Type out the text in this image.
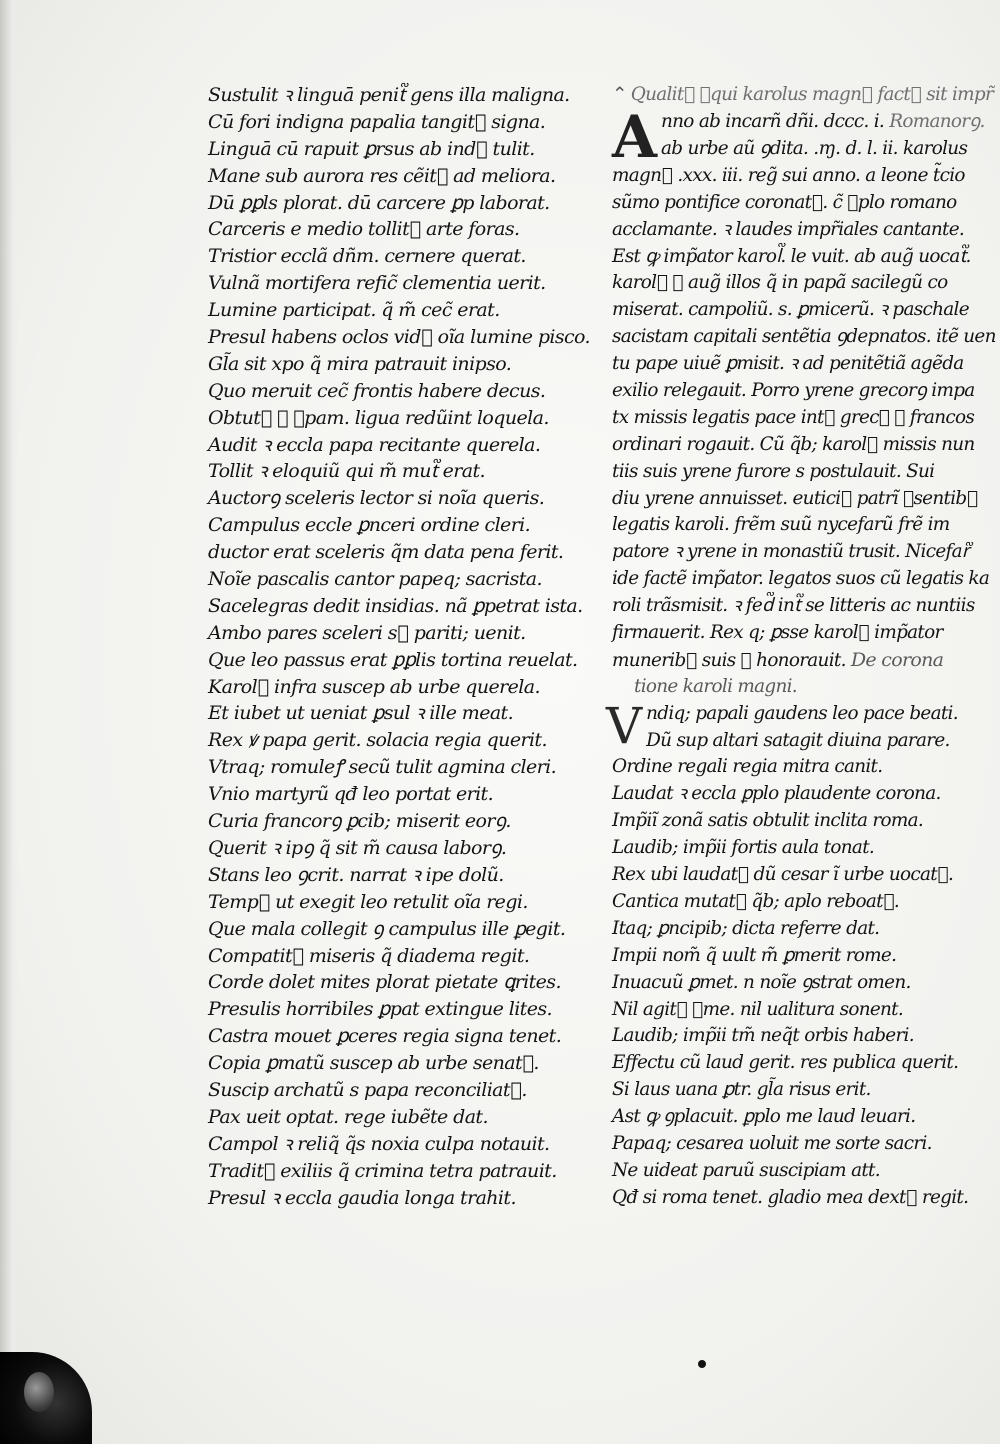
Sustulit ꝛ linguā penit᷑ gens illa maligna.
Cū fori indigna papalia tangit᷑ signa.
Linguā cū rapuit ꝑrsus ab ind᷑ tulit.
Mane sub aurora res cẽit᷑ ad meliora.
Dū ꝑꝑls plorat. dū carcere ꝑp laborat.
Carceris e medio tollit᷑ arte foras.
Tristior ecclã dñm. cernere querat.
Vulnã mortifera refic̃ clementia uerit.
Lumine participat. q̃ m̃ cec̃ erat.
Presul habens oclos vid᷑ oĩa lumine pisco.
Gl̃a sit xpo q̃ mira patrauit inipso.
Quo meruit cec̃ frontis habere decus.
Obtut᷑ ꝯ ꝑpam. ligua redũint loquela.
Audit ꝛ eccla papa recitante querela.
Tollit ꝛ eloquiũ qui m̃ mut᷑ erat.
Auctorꝯ sceleris lector si noĩa queris.
Campulus eccle ꝑnceri ordine cleri.
ductor erat sceleris q̃m data pena ferit.
Noĩe pascalis cantor papeq; sacrista.
Sacelegras dedit insidias. nã ꝑpetrat ista.
Ambo pares sceleri s᷑ pariti; uenit.
Que leo passus erat ꝑꝑlis tortina reuelat.
Karol᷑ infra suscep ab urbe querela.
Et iubet ut ueniat ꝑsul ꝛ ille meat.
Rex ꝟ papa gerit. solacia regia querit.
Vtraq; romuleꝭ secũ tulit agmina cleri.
Vnio martyrũ qđ leo portat erit.
Curia francorꝯ ꝑcib; miserit eorꝯ.
Querit ꝛ ipꝯ q̃ sit m̃ causa laborꝯ.
Stans leo ꝯcrit. narrat ꝛ ipe dolũ.
Temp᷑ ut exegit leo retulit oĩa regi.
Que mala collegit ꝯ campulus ille ꝑegit.
Compatit᷑ miseris q̃ diadema regit.
Corde dolet mites plorat pietate ꝗrites.
Presulis horribiles ꝑpat extingue lites.
Castra mouet ꝑceres regia signa tenet.
Copia ꝑmatũ suscep ab urbe senat᷑.
Suscip archatũ s papa reconciliat᷑.
Pax ueit optat. rege iubẽte dat.
Campol ꝛ reliq̃ q̃s noxia culpa notauit.
Tradit᷑ exiliis q̃ crimina tetra patrauit.
Presul ꝛ eccla gaudia longa trahit.
⌃ Qualit᷑ ꝯqui karolus magn᷑ fact᷑ sit impr̃
A nno ab incarñ dñi. dccc. i. Romanorꝯ.
ab urbe aũ ꝯdita. .ɱ. d. l. ii. karolus
magn᷑ .xxx. iii. reg̃ sui anno. a leone t̃cio
sũmo pontifice coronat᷑. c̃ ꝑplo romano
acclamante. ꝛ laudes impr̃iales cantante.
Est ꝙ imp̃ator karol᷑. le vuit. ab aug̃ uocat᷑.
karol᷑ ꝙ aug̃ illos q̃ in papã sacilegũ co
miserat. campoliũ. s. ꝑmicerũ. ꝛ paschale
sacistam capitali sentẽtia ꝯdepnatos. itẽ uen
tu pape uiuẽ ꝑmisit. ꝛ ad penitẽtiã agẽda
exilio relegauit. Porro yrene grecorꝯ impa
tx missis legatis pace int᷑ grecꝯ ꝛ francos
ordinari rogauit. Cũ q̃b; karol᷑ missis nun
tiis suis yrene furore s postulauit. Sui
diu yrene annuisset. eutici᷑ patrĩ ꝑsentib᷑
legatis karoli. frẽm suũ nycefarũ frẽ im
patore ꝛ yrene in monastiũ trusit. Nicefar᷑
ide factẽ imp̃ator. legatos suos cũ legatis ka
roli trãsmisit. ꝛ fed᷑ int᷑ se litteris ac nuntiis
firmauerit. Rex q; ꝑsse karol᷑ imp̃ator
munerib᷑ suis ꝟ honorauit. De corona
tione karoli magni.
V ndiq; papali gaudens leo pace beati.
Dũ sup altari satagit diuina parare.
Ordine regali regia mitra canit.
Laudat ꝛ eccla ꝑplo plaudente corona.
Imp̃iĩ zonã satis obtulit inclita roma.
Laudib; imp̃ii fortis aula tonat.
Rex ubi laudat᷑ dũ cesar ĩ urbe uocat᷑.
Cantica mutat᷑ q̃b; aplo reboat᷑.
Itaq; ꝑncipib; dicta referre dat.
Impii nom̃ q̃ uult m̃ ꝑmerit rome.
Inuacuũ ꝑmet. n noĩe ꝯstrat omen.
Nil agit᷑ ꝑme. nil ualitura sonent.
Laudib; imp̃ii tm̃ neq̃t orbis haberi.
Effectu cũ laud gerit. res publica querit.
Si laus uana ꝑtr. gl̃a risus erit.
Ast ꝙ ꝯplacuit. ꝑplo me laud leuari.
Papaq; cesarea uoluit me sorte sacri.
Ne uideat paruũ suscipiam att.
Qđ si roma tenet. gladio mea dext᷑ regit.
